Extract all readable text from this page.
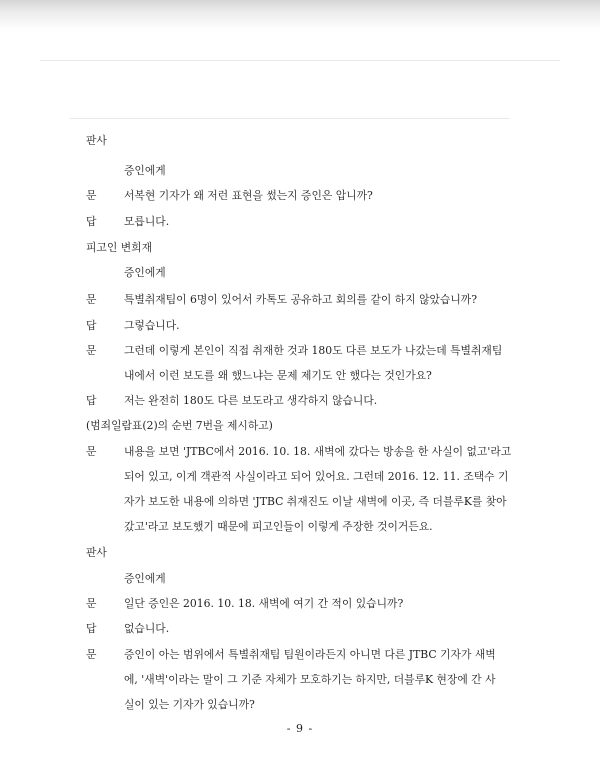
판사
증인에게
문	서복현 기자가 왜 저런 표현을 썼는지 증인은 압니까?
답	모릅니다.
피고인 변희재
증인에게
문	특별취재팀이 6명이 있어서 카톡도 공유하고 회의를 같이 하지 않았습니까?
답	그렇습니다.
문	그런데 이렇게 본인이 직접 취재한 것과 180도 다른 보도가 나갔는데 특별취재팀
내에서 이런 보도를 왜 했느냐는 문제 제기도 안 했다는 것인가요?
답	저는 완전히 180도 다른 보도라고 생각하지 않습니다.
(범죄일람표(2)의 순번 7번을 제시하고)
문	내용을 보면 'JTBC에서 2016. 10. 18. 새벽에 갔다는 방송을 한 사실이 없고'라고
되어 있고, 이게 객관적 사실이라고 되어 있어요. 그런데 2016. 12. 11. 조택수 기
자가 보도한 내용에 의하면 'JTBC 취재진도 이날 새벽에 이곳, 즉 더블루K를 찾아
갔고'라고 보도했기 때문에 피고인들이 이렇게 주장한 것이거든요.
판사
증인에게
문	일단 증인은 2016. 10. 18. 새벽에 여기 간 적이 있습니까?
답	없습니다.
문	증인이 아는 범위에서 특별취재팀 팀원이라든지 아니면 다른 JTBC 기자가 새벽
에, '새벽'이라는 말이 그 기준 자체가 모호하기는 하지만, 더블루K 현장에 간 사
실이 있는 기자가 있습니까?
- 9 -
